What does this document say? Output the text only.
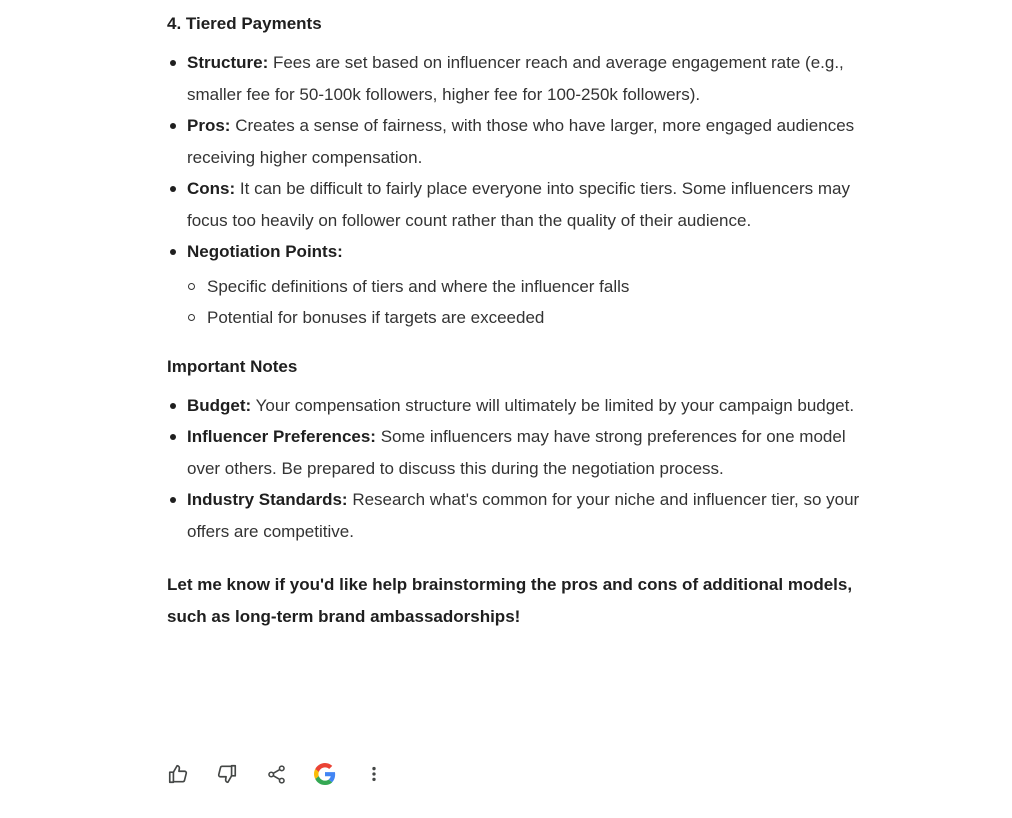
4. Tiered Payments
Structure: Fees are set based on influencer reach and average engagement rate (e.g., smaller fee for 50-100k followers, higher fee for 100-250k followers).
Pros: Creates a sense of fairness, with those who have larger, more engaged audiences receiving higher compensation.
Cons: It can be difficult to fairly place everyone into specific tiers. Some influencers may focus too heavily on follower count rather than the quality of their audience.
Negotiation Points:
Specific definitions of tiers and where the influencer falls
Potential for bonuses if targets are exceeded
Important Notes
Budget: Your compensation structure will ultimately be limited by your campaign budget.
Influencer Preferences: Some influencers may have strong preferences for one model over others. Be prepared to discuss this during the negotiation process.
Industry Standards: Research what's common for your niche and influencer tier, so your offers are competitive.
Let me know if you'd like help brainstorming the pros and cons of additional models, such as long-term brand ambassadorships!
